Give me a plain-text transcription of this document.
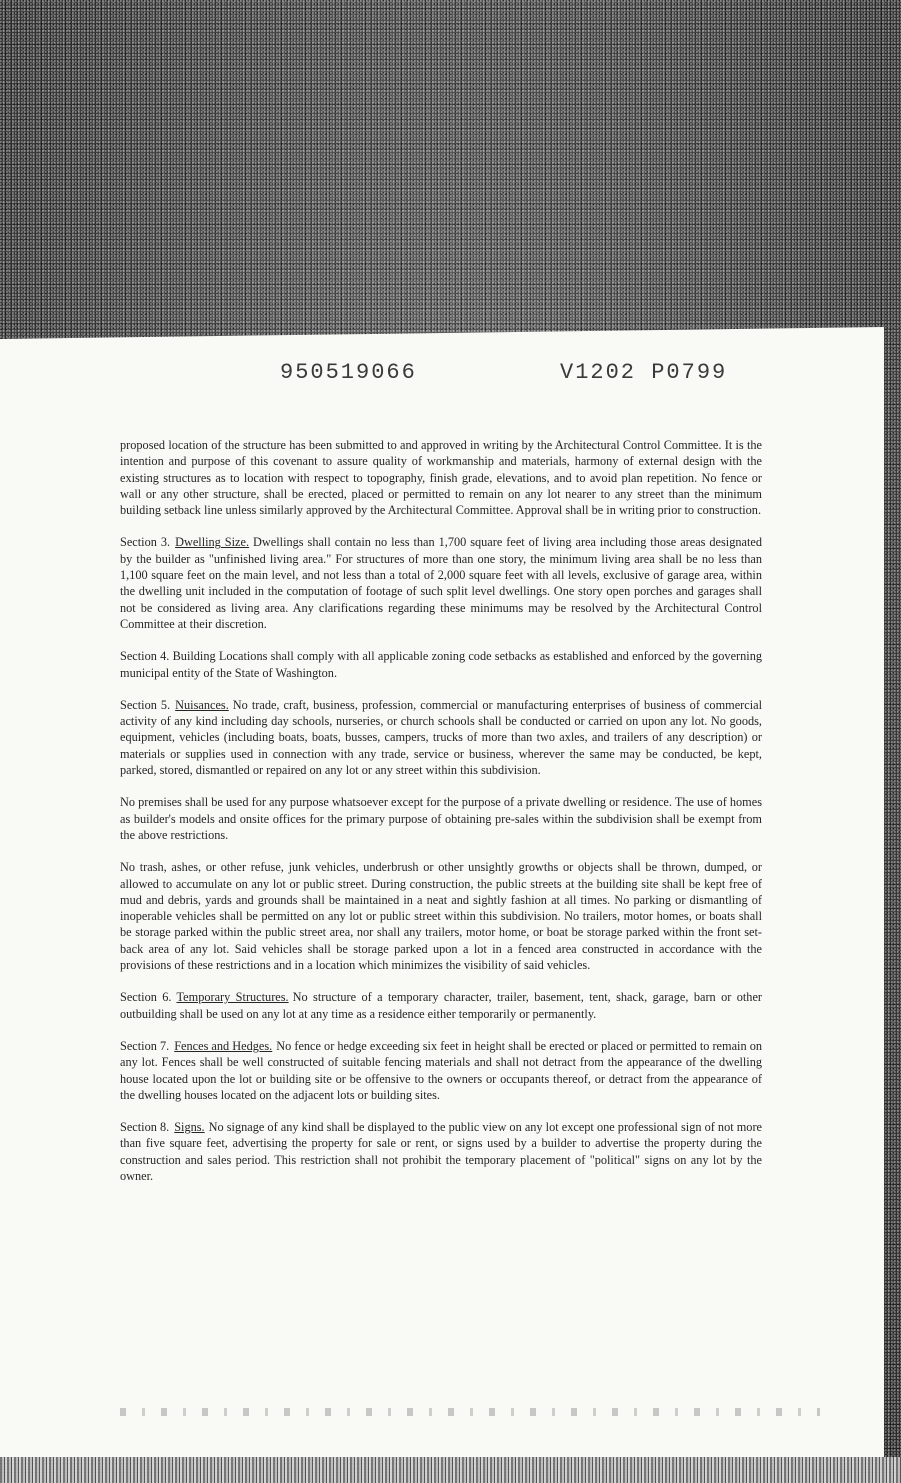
950519066	V1202 P0799

proposed location of the structure has been submitted to and approved in writing by the Architectural Control Committee. It is the intention and purpose of this covenant to assure quality of workmanship and materials, harmony of external design with the existing structures as to location with respect to topography, finish grade, elevations, and to avoid plan repetition. No fence or wall or any other structure, shall be erected, placed or permitted to remain on any lot nearer to any street than the minimum building setback line unless similarly approved by the Architectural Committee. Approval shall be in writing prior to construction.

Section 3. Dwelling Size. Dwellings shall contain no less than 1,700 square feet of living area including those areas designated by the builder as "unfinished living area." For structures of more than one story, the minimum living area shall be no less than 1,100 square feet on the main level, and not less than a total of 2,000 square feet with all levels, exclusive of garage area, within the dwelling unit included in the computation of footage of such split level dwellings. One story open porches and garages shall not be considered as living area. Any clarifications regarding these minimums may be resolved by the Architectural Control Committee at their discretion.

Section 4. Building Locations shall comply with all applicable zoning code setbacks as established and enforced by the governing municipal entity of the State of Washington.

Section 5. Nuisances. No trade, craft, business, profession, commercial or manufacturing enterprises of business of commercial activity of any kind including day schools, nurseries, or church schools shall be conducted or carried on upon any lot. No goods, equipment, vehicles (including boats, boats, busses, campers, trucks of more than two axles, and trailers of any description) or materials or supplies used in connection with any trade, service or business, wherever the same may be conducted, be kept, parked, stored, dismantled or repaired on any lot or any street within this subdivision.

No premises shall be used for any purpose whatsoever except for the purpose of a private dwelling or residence. The use of homes as builder's models and onsite offices for the primary purpose of obtaining pre-sales within the subdivision shall be exempt from the above restrictions.

No trash, ashes, or other refuse, junk vehicles, underbrush or other unsightly growths or objects shall be thrown, dumped, or allowed to accumulate on any lot or public street. During construction, the public streets at the building site shall be kept free of mud and debris, yards and grounds shall be maintained in a neat and sightly fashion at all times. No parking or dismantling of inoperable vehicles shall be permitted on any lot or public street within this subdivision. No trailers, motor homes, or boats shall be storage parked within the public street area, nor shall any trailers, motor home, or boat be storage parked within the front set-back area of any lot. Said vehicles shall be storage parked upon a lot in a fenced area constructed in accordance with the provisions of these restrictions and in a location which minimizes the visibility of said vehicles.

Section 6. Temporary Structures. No structure of a temporary character, trailer, basement, tent, shack, garage, barn or other outbuilding shall be used on any lot at any time as a residence either temporarily or permanently.

Section 7. Fences and Hedges. No fence or hedge exceeding six feet in height shall be erected or placed or permitted to remain on any lot. Fences shall be well constructed of suitable fencing materials and shall not detract from the appearance of the dwelling house located upon the lot or building site or be offensive to the owners or occupants thereof, or detract from the appearance of the dwelling houses located on the adjacent lots or building sites.

Section 8. Signs. No signage of any kind shall be displayed to the public view on any lot except one professional sign of not more than five square feet, advertising the property for sale or rent, or signs used by a builder to advertise the property during the construction and sales period. This restriction shall not prohibit the temporary placement of "political" signs on any lot by the owner.
